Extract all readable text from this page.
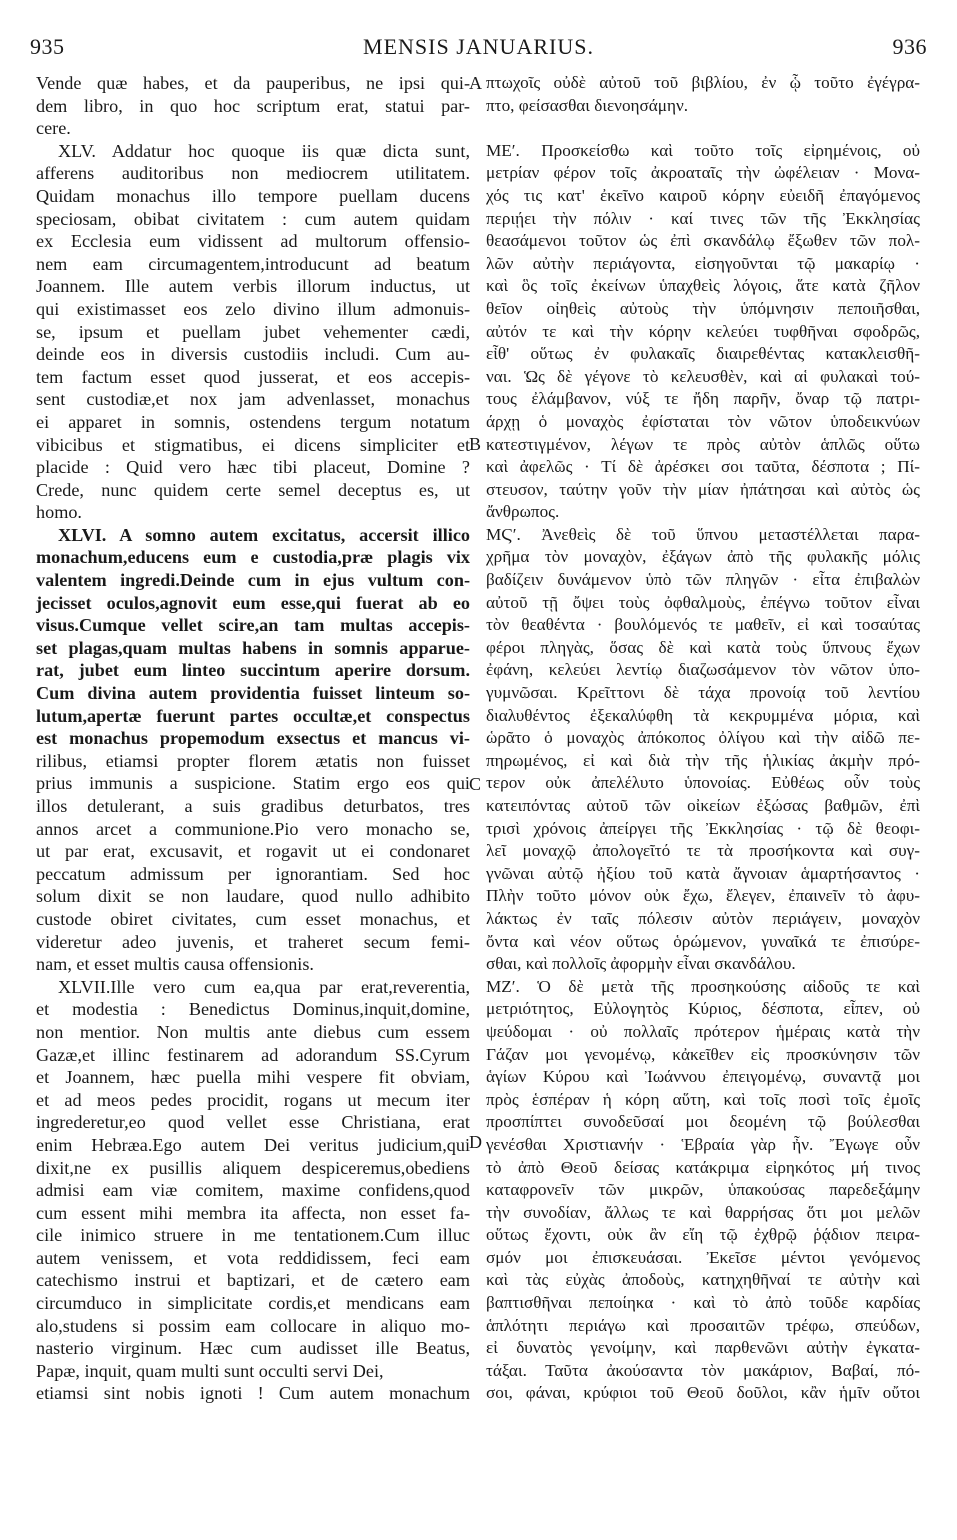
935	MENSIS JANUARIUS.	936
Vende quæ habes, et da pauperibus, ne ipsi qui-
dem libro, in quo hoc scriptum erat, statui par-
cere.
XLV. Addatur hoc quoque iis quæ dicta sunt,
afferens auditoribus non mediocrem utilitatem.
Quidam monachus illo tempore puellam ducens
speciosam, obibat civitatem : cum autem quidam
ex Ecclesia eum vidissent ad multorum offensio-
nem eam circumagentem,introducunt ad beatum
Joannem. Ille autem verbis illorum inductus, ut
qui existimasset eos zelo divino illum admonuis-
se, ipsum et puellam jubet vehementer cædi,
deinde eos in diversis custodiis includi. Cum au-
tem factum esset quod jusserat, et eos accepis-
sent custodiæ,et nox jam advenlasset, monachus
ei apparet in somnis, ostendens tergum notatum
vibicibus et stigmatibus, ei dicens simpliciter et
placide : Quid vero hæc tibi placeut, Domine ?
Crede, nunc quidem certe semel deceptus es, ut
homo.
XLVI. A somno autem excitatus, accersit illico
monachum,educens eum e custodia,præ plagis vix
valentem ingredi.Deinde cum in ejus vultum con-
jecisset oculos,agnovit eum esse,qui fuerat ab eo
visus.Cumque vellet scire,an tam multas accepis-
set plagas,quam multas habens in somnis apparue-
rat, jubet eum linteo succintum aperire dorsum.
Cum divina autem providentia fuisset linteum so-
lutum,apertæ fuerunt partes occultæ,et conspectus
est monachus propemodum exsectus et mancus vi-
rilibus, etiamsi propter florem ætatis non fuisset
prius immunis a suspicione. Statim ergo eos qui
illos detulerant, a suis gradibus deturbatos, tres
annos arcet a communione.Pio vero monacho se,
ut par erat, excusavit, et rogavit ut ei condonaret
peccatum admissum per ignorantiam. Sed hoc
solum dixit se non laudare, quod nullo adhibito
custode obiret civitates, cum esset monachus, et
videretur adeo juvenis, et traheret secum femi-
nam, et esset multis causa offensionis.
XLVII.Ille vero cum ea,qua par erat,reverentia,
et modestia : Benedictus Dominus,inquit,domine,
non mentior. Non multis ante diebus cum essem
Gazæ,et illinc festinarem ad adorandum SS.Cyrum
et Joannem, hæc puella mihi vespere fit obviam,
et ad meos pedes procidit, rogans ut mecum iter
ingrederetur,eo quod vellet esse Christiana, erat
enim Hebræa.Ego autem Dei veritus judicium,qui
dixit,ne ex pusillis aliquem despiceremus,obediens
admisi eam viæ comitem, maxime confidens,quod
cum essent mihi membra ita affecta, non esset fa-
cile inimico struere in me tentationem.Cum illuc
autem venissem, et vota reddidissem, feci eam
catechismo instrui et baptizari, et de cætero eam
circumduco in simplicitate cordis,et mendicans eam
alo,studens si possim eam collocare in aliquo mo-
nasterio virginum. Hæc cum audisset ille Beatus,
Papæ, inquit, quam multi sunt occulti servi Dei,
etiamsi sint nobis ignoti ! Cum autem monachum
πτωχοῖς οὐδὲ αὐτοῦ τοῦ βιβλίου, ἐν ᾧ τοῦτο ἐγέγρα-
πτο, φείσασθαι διενοησάμην.
ΜΕʹ. Προσκείσθω καὶ τοῦτο τοῖς εἰρημένοις, οὐ
μετρίαν φέρον τοῖς ἀκροαταῖς τὴν ὠφέλειαν · Μονα-
χός τις κατ' ἐκεῖνο καιροῦ κόρην εὐειδῆ ἐπαγόμενος
περιῄει τὴν πόλιν · καί τινες τῶν τῆς Ἐκκλησίας
θεασάμενοι τοῦτον ὡς ἐπὶ σκανδάλῳ ἔξωθεν τῶν πολ-
λῶν αὐτὴν περιάγοντα, εἰσηγοῦνται τῷ μακαρίῳ ·
καὶ ὃς τοῖς ἐκείνων ὑπαχθεὶς λόγοις, ἅτε κατὰ ζῆλον
θεῖον οἰηθεὶς αὐτοὺς τὴν ὑπόμνησιν πεποιῆσθαι,
αὐτόν τε καὶ τὴν κόρην κελεύει τυφθῆναι σφοδρῶς,
εἶθ' οὕτως ἐν φυλακαῖς διαιρεθέντας κατακλεισθῆ-
ναι. Ὡς δὲ γέγονε τὸ κελευσθὲν, καὶ αἱ φυλακαὶ τού-
τους ἐλάμβανον, νύξ τε ἤδη παρῆν, ὄναρ τῷ πατρι-
άρχῃ ὁ μοναχὸς ἐφίσταται τὸν νῶτον ὑποδεικνύων
κατεστιγμένον, λέγων τε πρὸς αὐτὸν ἁπλῶς οὕτω
καὶ ἀφελῶς · Τί δὲ ἀρέσκει σοι ταῦτα, δέσποτα ; Πί-
στευσον, ταύτην γοῦν τὴν μίαν ἠπάτησαι καὶ αὐτὸς ὡς
ἄνθρωπος.
ΜϚʹ. Ἀνεθεὶς δὲ τοῦ ὕπνου μεταστέλλεται παρα-
χρῆμα τὸν μοναχὸν, ἐξάγων ἀπὸ τῆς φυλακῆς μόλις
βαδίζειν δυνάμενον ὑπὸ τῶν πληγῶν · εἶτα ἐπιβαλὼν
αὐτοῦ τῇ ὄψει τοὺς ὀφθαλμοὺς, ἐπέγνω τοῦτον εἶναι
τὸν θεαθέντα · βουλόμενός τε μαθεῖν, εἰ καὶ τοσαύτας
φέροι πληγὰς, ὅσας δὲ καὶ κατὰ τοὺς ὕπνους ἔχων
ἐφάνη, κελεύει λεντίῳ διαζωσάμενον τὸν νῶτον ὑπο-
γυμνῶσαι. Κρεῖττονι δὲ τάχα προνοίᾳ τοῦ λεντίου
διαλυθέντος ἐξεκαλύφθη τὰ κεκρυμμένα μόρια, καὶ
ὡρᾶτο ὁ μοναχὸς ἀπόκοπος ὀλίγου καὶ τὴν αἰδῶ πε-
πηρωμένος, εἰ καὶ διὰ τὴν τῆς ἡλικίας ἀκμὴν πρό-
τερον οὐκ ἀπελέλυτο ὑπονοίας. Εὐθέως οὖν τοὺς
κατειπόντας αὐτοῦ τῶν οἰκείων ἐξώσας βαθμῶν, ἐπὶ
τρισὶ χρόνοις ἀπείργει τῆς Ἐκκλησίας · τῷ δὲ θεοφι-
λεῖ μοναχῷ ἀπολογεῖτό τε τὰ προσήκοντα καὶ συγ-
γνῶναι αὐτῷ ἠξίου τοῦ κατὰ ἄγνοιαν ἁμαρτήσαντος ·
Πλὴν τοῦτο μόνον οὐκ ἔχω, ἔλεγεν, ἐπαινεῖν τὸ ἀφυ-
λάκτως ἐν ταῖς πόλεσιν αὐτὸν περιάγειν, μοναχὸν
ὄντα καὶ νέον οὕτως ὁρώμενον, γυναῖκά τε ἐπισύρε-
σθαι, καὶ πολλοῖς ἀφορμὴν εἶναι σκανδάλου.
ΜΖʹ. Ὁ δὲ μετὰ τῆς προσηκούσης αἰδοῦς τε καὶ
μετριότητος, Εὐλογητὸς Κύριος, δέσποτα, εἶπεν, οὐ
ψεύδομαι · οὐ πολλαῖς πρότερον ἡμέραις κατὰ τὴν
Γάζαν μοι γενομένῳ, κἀκεῖθεν εἰς προσκύνησιν τῶν
ἁγίων Κύρου καὶ Ἰωάννου ἐπειγομένῳ, συναντᾷ μοι
πρὸς ἑσπέραν ἡ κόρη αὕτη, καὶ τοῖς ποσὶ τοῖς ἐμοῖς
προσπίπτει συνοδεῦσαί μοι δεομένη τῷ βούλεσθαι
γενέσθαι Χριστιανήν · Ἑβραία γὰρ ἦν. Ἔγωγε οὖν
τὸ ἀπὸ Θεοῦ δείσας κατάκριμα εἰρηκότος μή τινος
καταφρονεῖν τῶν μικρῶν, ὑπακούσας παρεδεξάμην
τὴν συνοδίαν, ἄλλως τε καὶ θαρρήσας ὅτι μοι μελῶν
οὕτως ἔχοντι, οὐκ ἂν εἴη τῷ ἐχθρῷ ῥᾴδιον πειρα-
σμόν μοι ἐπισκευάσαι. Ἐκεῖσε μέντοι γενόμενος
καὶ τὰς εὐχὰς ἀποδοὺς, κατηχηθῆναί τε αὐτὴν καὶ
βαπτισθῆναι πεποίηκα · καὶ τὸ ἀπὸ τοῦδε καρδίας
ἁπλότητι περιάγω καὶ προσαιτῶν τρέφω, σπεύδων,
εἰ δυνατὸς γενοίμην, καὶ παρθενῶνι αὐτὴν ἐγκατα-
τάξαι. Ταῦτα ἀκούσαντα τὸν μακάριον, Βαβαί, πό-
σοι, φάναι, κρύφιοι τοῦ Θεοῦ δοῦλοι, κἂν ἡμῖν οὔτοι
A
B
C
D
